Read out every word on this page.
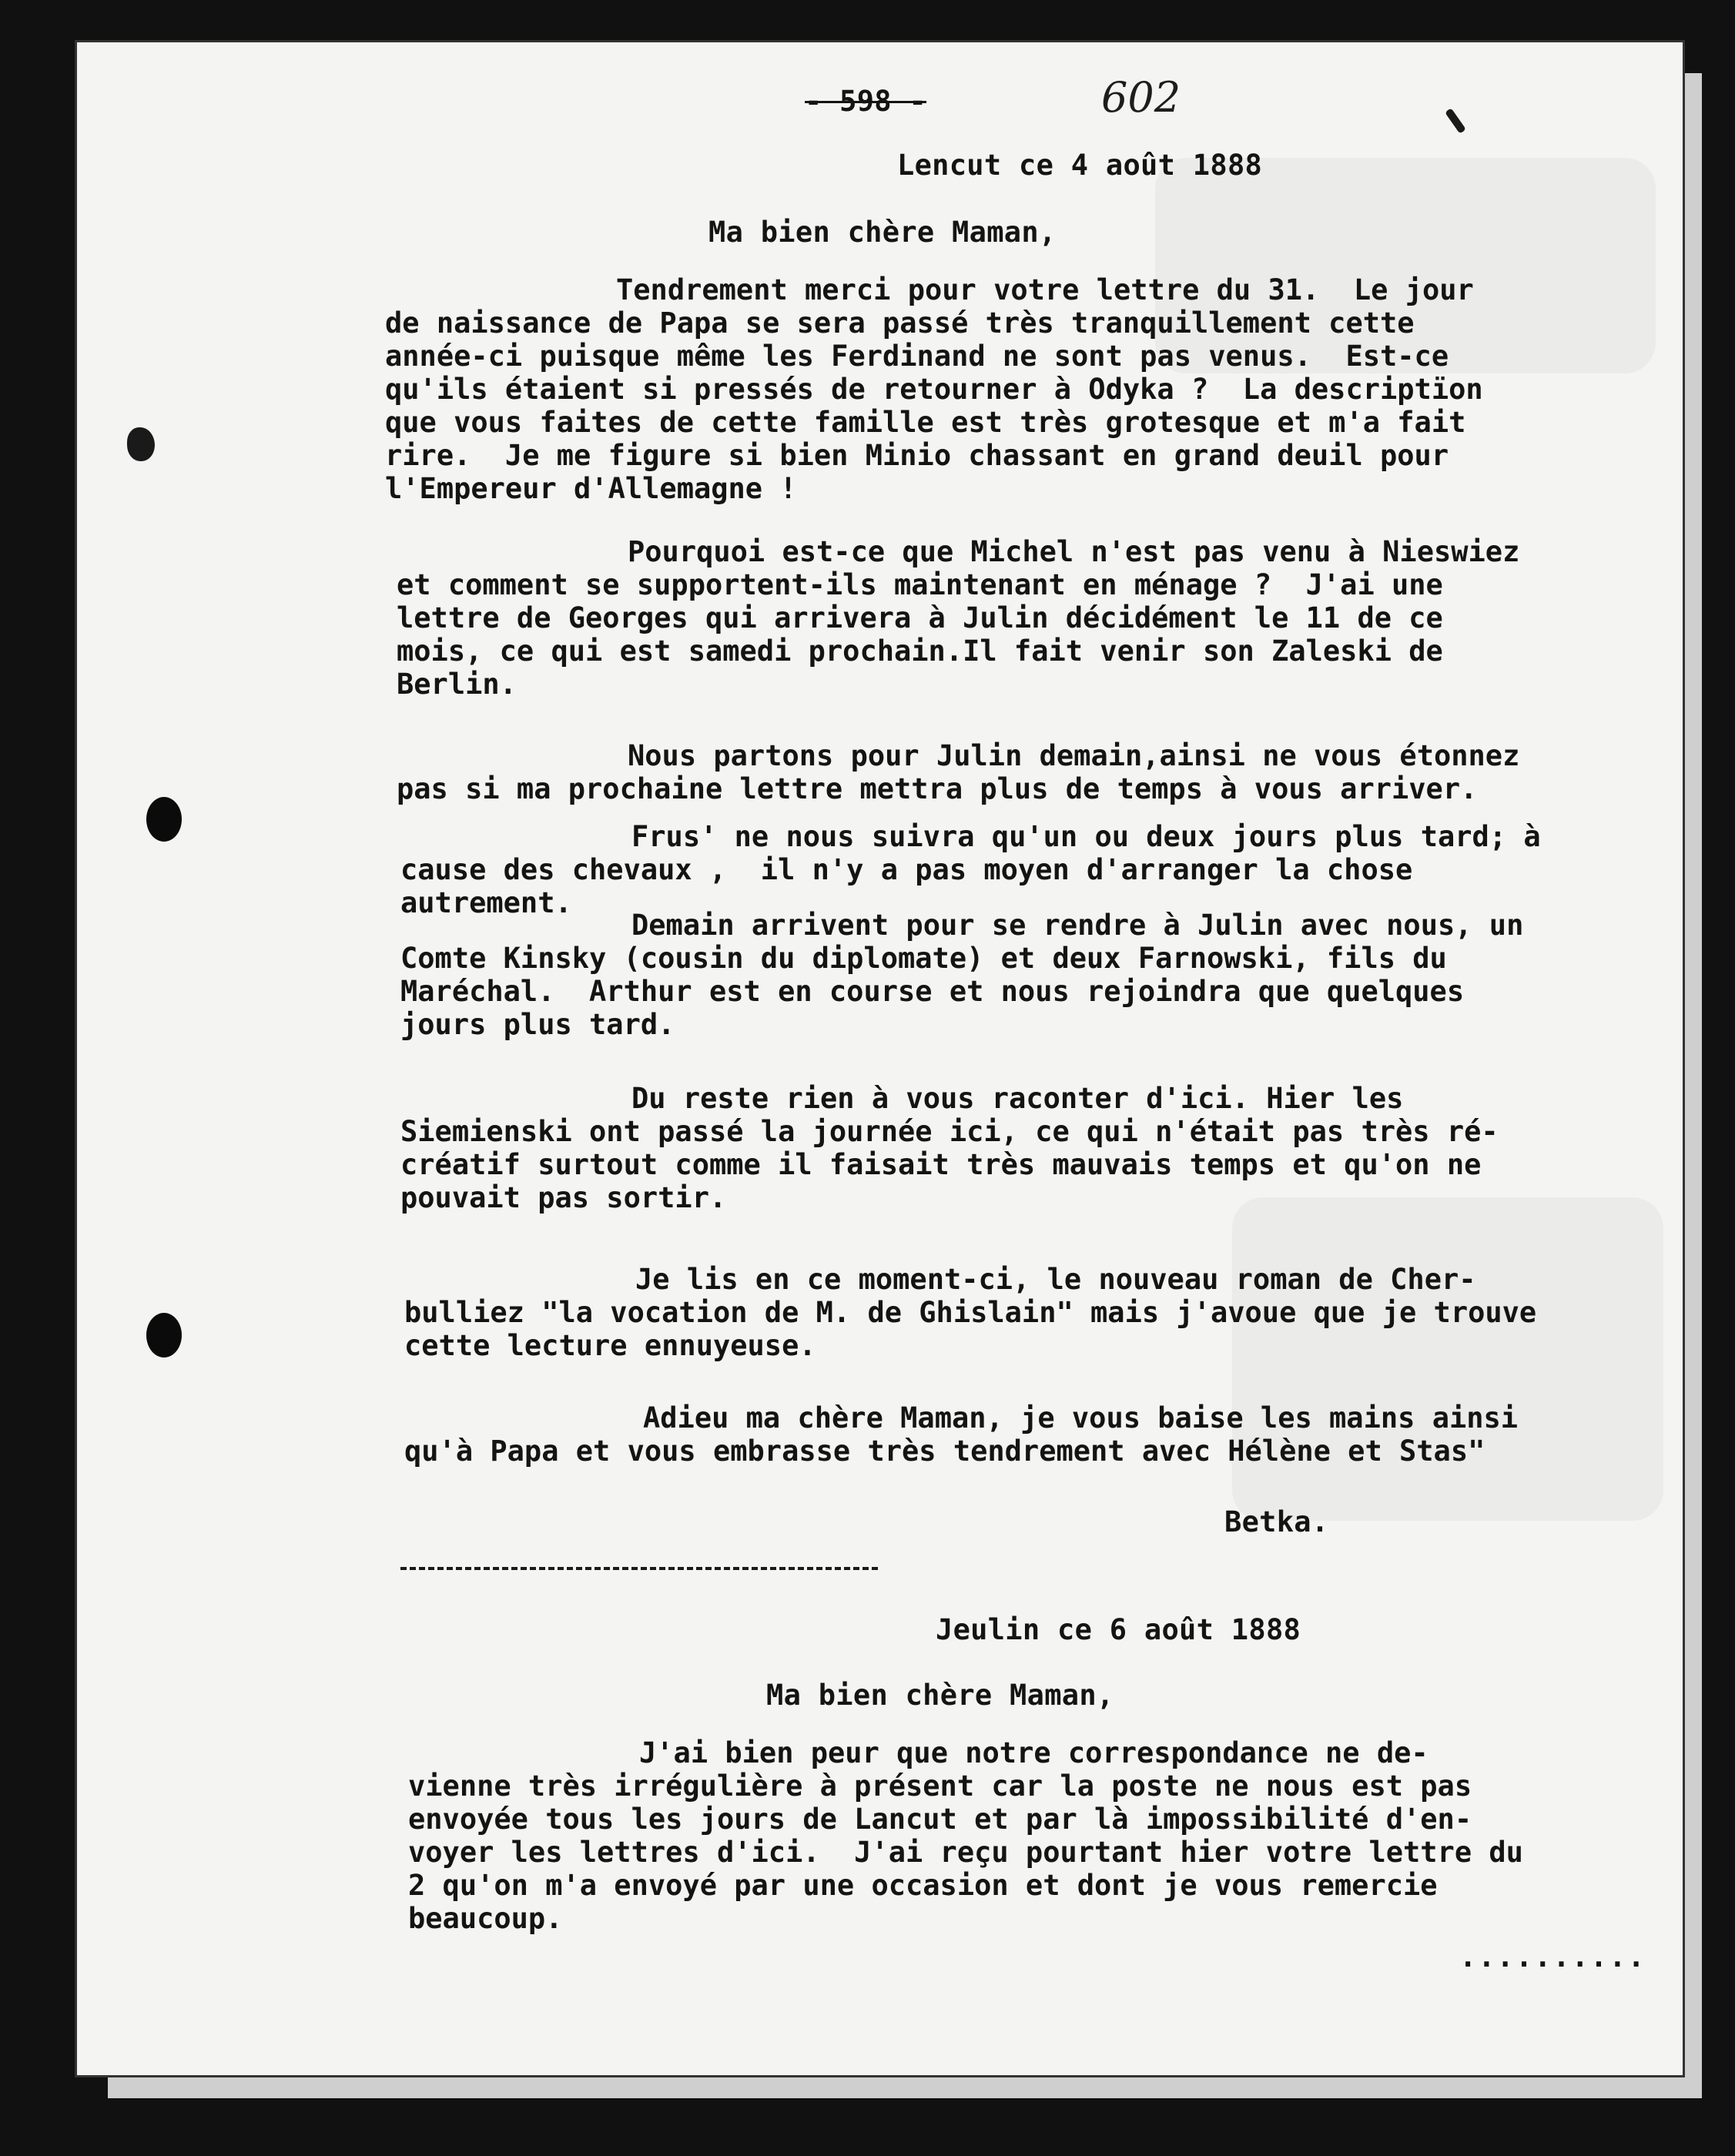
- 598 -	602
Lencut ce 4 août 1888
Ma bien chère Maman,
Tendrement merci pour votre lettre du 31.  Le jour
de naissance de Papa se sera passé très tranquillement cette
année-ci puisque même les Ferdinand ne sont pas venus.  Est-ce
qu'ils étaient si pressés de retourner à Odyka ?  La descriptïon
que vous faites de cette famille est très grotesque et m'a fait
rire.  Je me figure si bien Minio chassant en grand deuil pour
l'Empereur d'Allemagne !
Pourquoi est-ce que Michel n'est pas venu à Nieswiez
et comment se supportent-ils maintenant en ménage ?  J'ai une
lettre de Georges qui arrivera à Julin décidément le 11 de ce
mois, ce qui est samedi prochain.Il fait venir son Zaleski de
Berlin.
Nous partons pour Julin demain,ainsi ne vous étonnez
pas si ma prochaine lettre mettra plus de temps à vous arriver.
Frus' ne nous suivra qu'un ou deux jours plus tard; à
cause des chevaux ,  il n'y a pas moyen d'arranger la chose
autrement.
Demain arrivent pour se rendre à Julin avec nous, un
Comte Kinsky (cousin du diplomate) et deux Farnowski, fils du
Maréchal.  Arthur est en course et nous rejoindra que quelques
jours plus tard.
Du reste rien à vous raconter d'ici. Hier les
Siemienski ont passé la journée ici, ce qui n'était pas très ré-
créatif surtout comme il faisait très mauvais temps et qu'on ne
pouvait pas sortir.
Je lis en ce moment-ci, le nouveau roman de Cher-
bulliez "la vocation de M. de Ghislain" mais j'avoue que je trouve
cette lecture ennuyeuse.
Adieu ma chère Maman, je vous baise les mains ainsi
qu'à Papa et vous embrasse très tendrement avec Hélène et Stas"
Betka.
Jeulin ce 6 août 1888
Ma bien chère Maman,
J'ai bien peur que notre correspondance ne de-
vienne très irrégulière à présent car la poste ne nous est pas
envoyée tous les jours de Lancut et par là impossibilité d'en-
voyer les lettres d'ici.  J'ai reçu pourtant hier votre lettre du
2 qu'on m'a envoyé par une occasion et dont je vous remercie
beaucoup.
..........
